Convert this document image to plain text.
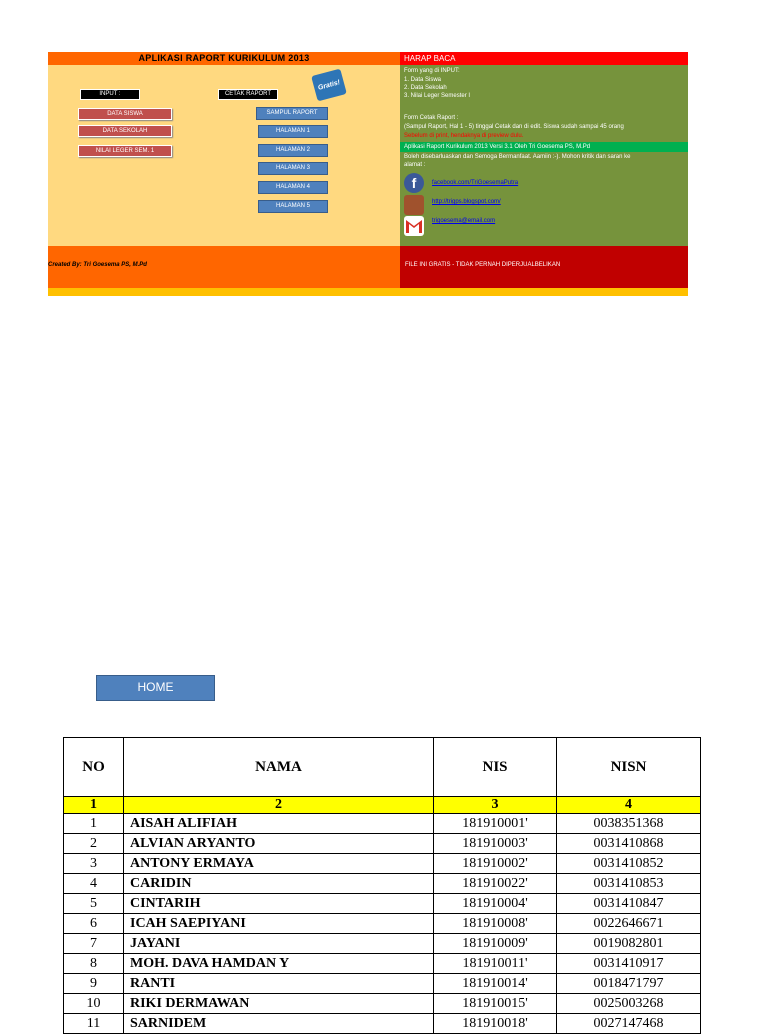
APLIKASI RAPORT KURIKULUM 2013
INPUT :	CETAK RAPORT
DATA SISWA
DATA SEKOLAH
NILAI LEGER SEM. 1
SAMPUL RAPORT
HALAMAN 1
HALAMAN 2
HALAMAN 3
HALAMAN 4
HALAMAN 5
Gratis!
HARAP BACA
Form yang di INPUT:
1. Data Siswa
2. Data Sekolah
3. Nilai Leger Semester I
Form Cetak Raport :
(Sampul Raport, Hal 1 - 5) tinggal Cetak dan di edit. Siswa sudah sampai 45 orang
Sebelum di print, hendaknya di preview dulu.
Aplikasi Raport Kurikulum 2013 Versi 3.1 Oleh Tri Goesema PS, M.Pd
Boleh disebarluaskan dan Semoga Bermanfaat. Aamiin :-). Mohon kritik dan saran ke alamat :
f	facebook.com/TriGoesemaPutra
http://trigps.blogspot.com/
trigoesema@email.com
Created By: Tri Goesema PS, M.Pd	FILE INI GRATIS - TIDAK PERNAH DIPERJUALBELIKAN
HOME
NO	NAMA	NIS	NISN
1	2	3	4
1	AISAH ALIFIAH	181910001'	0038351368
2	ALVIAN ARYANTO	181910003'	0031410868
3	ANTONY ERMAYA	181910002'	0031410852
4	CARIDIN	181910022'	0031410853
5	CINTARIH	181910004'	0031410847
6	ICAH SAEPIYANI	181910008'	0022646671
7	JAYANI	181910009'	0019082801
8	MOH. DAVA HAMDAN Y	181910011'	0031410917
9	RANTI	181910014'	0018471797
10	RIKI DERMAWAN	181910015'	0025003268
11	SARNIDEM	181910018'	0027147468
